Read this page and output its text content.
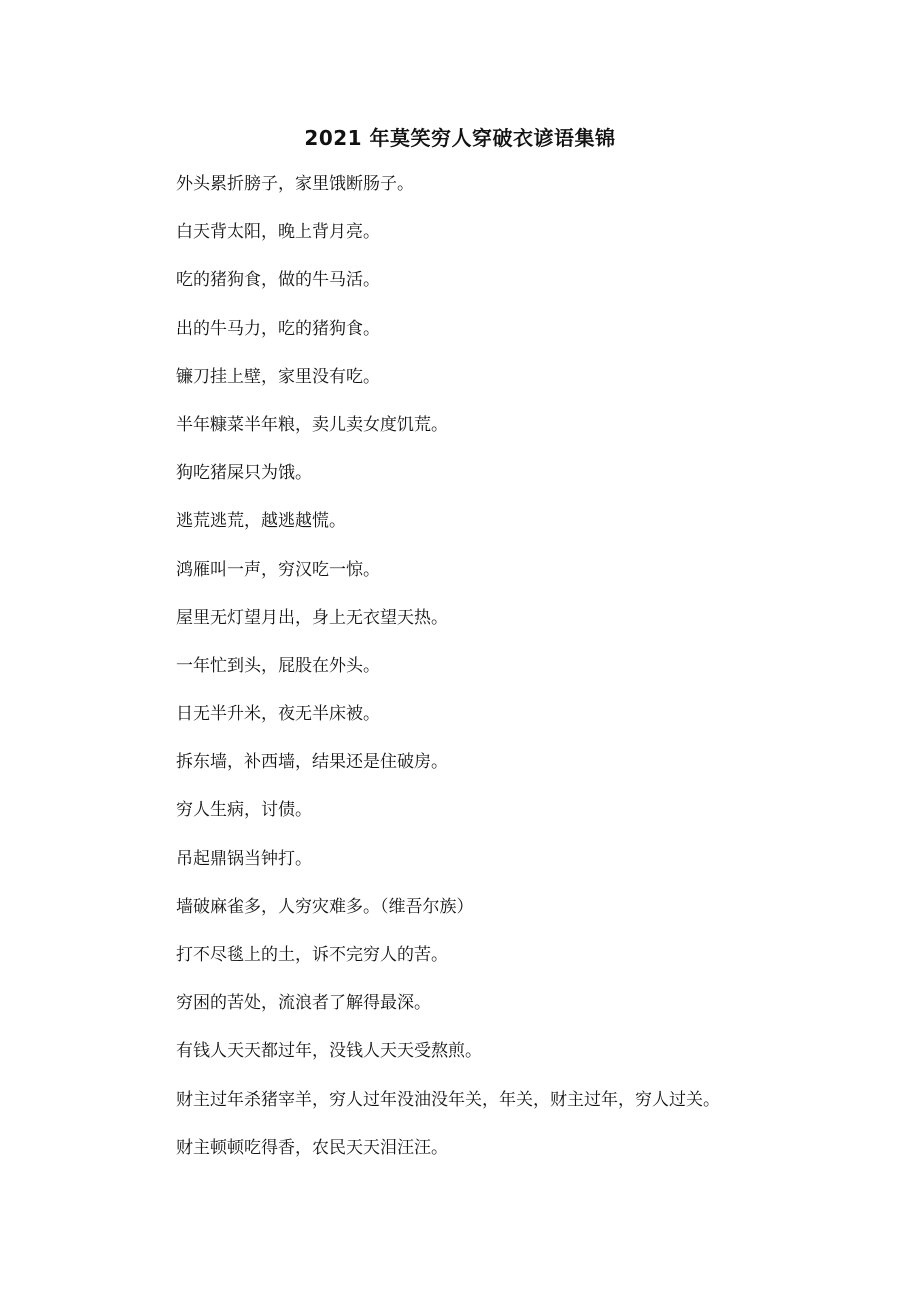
2021 年莫笑穷人穿破衣谚语集锦
外头累折膀子，家里饿断肠子。
白天背太阳，晚上背月亮。
吃的猪狗食，做的牛马活。
出的牛马力，吃的猪狗食。
镰刀挂上壁，家里没有吃。
半年糠菜半年粮，卖儿卖女度饥荒。
狗吃猪屎只为饿。
逃荒逃荒，越逃越慌。
鸿雁叫一声，穷汉吃一惊。
屋里无灯望月出，身上无衣望天热。
一年忙到头，屁股在外头。
日无半升米，夜无半床被。
拆东墙，补西墙，结果还是住破房。
穷人生病，讨债。
吊起鼎锅当钟打。
墙破麻雀多，人穷灾难多。（维吾尔族）
打不尽毯上的土，诉不完穷人的苦。
穷困的苦处，流浪者了解得最深。
有钱人天天都过年，没钱人天天受熬煎。
财主过年杀猪宰羊，穷人过年没油没年关，年关，财主过年，穷人过关。
财主顿顿吃得香，农民天天泪汪汪。
